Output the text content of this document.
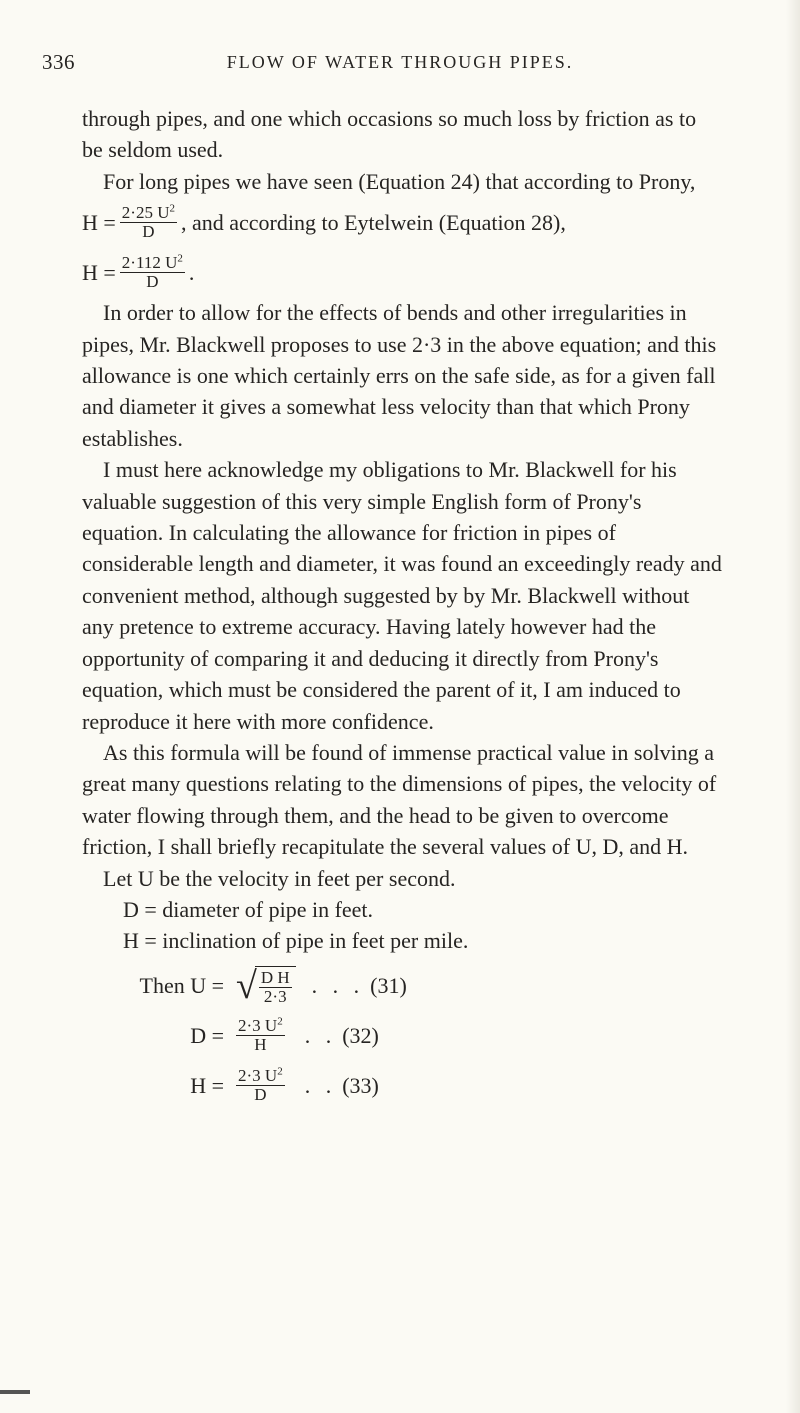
336	FLOW OF WATER THROUGH PIPES.

through pipes, and one which occasions so much loss by friction as to be seldom used.

For long pipes we have seen (Equation 24) that according to Prony,

$H = \frac{2\cdot 25 U^2}{D}$ , and according to Eytelwein (Equation 28),
$H = \frac{2\cdot 112 U^2}{D}$ .

In order to allow for the effects of bends and other irregularities in pipes, Mr. Blackwell proposes to use 2·3 in the above equation; and this allowance is one which certainly errs on the safe side, as for a given fall and diameter it gives a somewhat less velocity than that which Prony establishes.

I must here acknowledge my obligations to Mr. Blackwell for his valuable suggestion of this very simple English form of Prony's equation. In calculating the allowance for friction in pipes of considerable length and diameter, it was found an exceedingly ready and convenient method, although suggested by by Mr. Blackwell without any pretence to extreme accuracy. Having lately however had the opportunity of comparing it and deducing it directly from Prony's equation, which must be considered the parent of it, I am induced to reproduce it here with more confidence.

As this formula will be found of immense practical value in solving a great many questions relating to the dimensions of pipes, the velocity of water flowing through them, and the head to be given to overcome friction, I shall briefly recapitulate the several values of U, D, and H.

Let U be the velocity in feet per second.

D = diameter of pipe in feet.

H = inclination of pipe in feet per mile.

Then U = √ $\frac{\text{D H}}{2\cdot 3}$ . . . (31)
$D = \frac{2\cdot 3 U^2}{H}$ . . (32)
$H = \frac{2\cdot 3 U^2}{D}$ . . (33)
